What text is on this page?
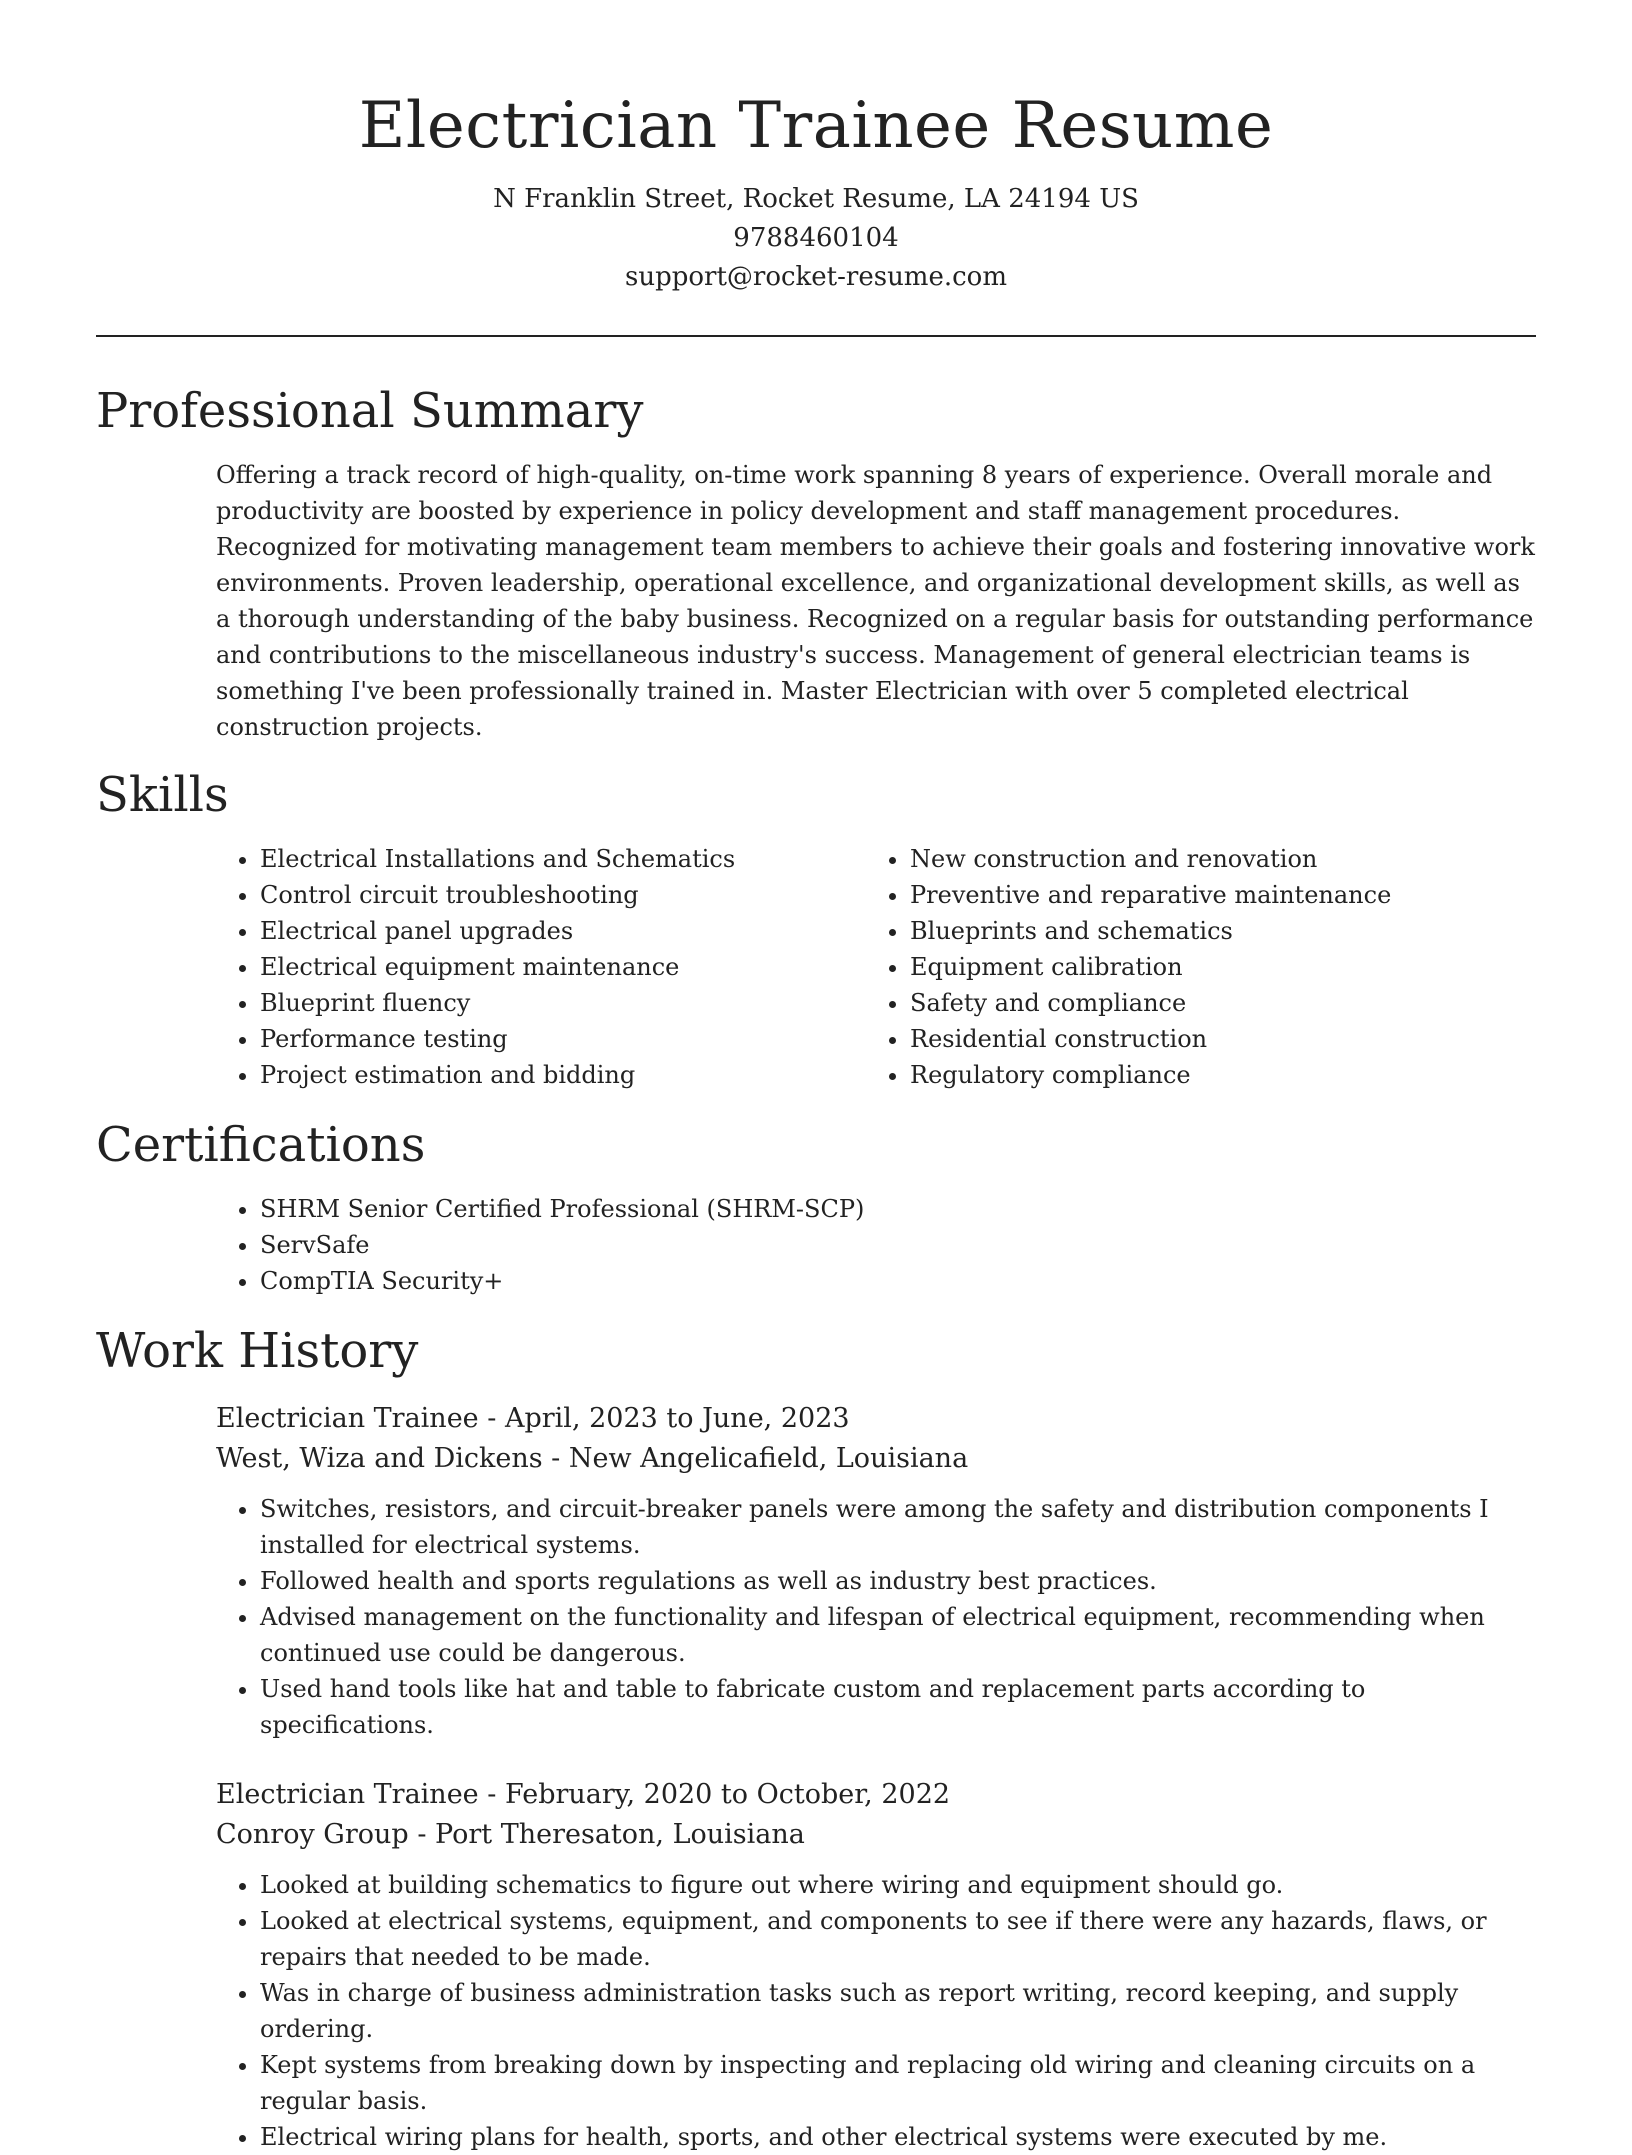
Electrician Trainee Resume
N Franklin Street, Rocket Resume, LA 24194 US
9788460104
support@rocket-resume.com
Professional Summary

Offering a track record of high-quality, on-time work spanning 8 years of experience. Overall morale and productivity are boosted by experience in policy development and staff management procedures. Recognized for motivating management team members to achieve their goals and fostering innovative work environments. Proven leadership, operational excellence, and organizational development skills, as well as a thorough understanding of the baby business. Recognized on a regular basis for outstanding performance and contributions to the miscellaneous industry's success. Management of general electrician teams is something I've been professionally trained in. Master Electrician with over 5 completed electrical construction projects.

Skills
• Electrical Installations and Schematics
• Control circuit troubleshooting
• Electrical panel upgrades
• Electrical equipment maintenance
• Blueprint fluency
• Performance testing
• Project estimation and bidding
• New construction and renovation
• Preventive and reparative maintenance
• Blueprints and schematics
• Equipment calibration
• Safety and compliance
• Residential construction
• Regulatory compliance
Certifications
• SHRM Senior Certified Professional (SHRM-SCP)
• ServSafe
• CompTIA Security+
Work History
Electrician Trainee - April, 2023 to June, 2023
West, Wiza and Dickens - New Angelicafield, Louisiana
• Switches, resistors, and circuit-breaker panels were among the safety and distribution components I installed for electrical systems.
• Followed health and sports regulations as well as industry best practices.
• Advised management on the functionality and lifespan of electrical equipment, recommending when continued use could be dangerous.
• Used hand tools like hat and table to fabricate custom and replacement parts according to specifications.
Electrician Trainee - February, 2020 to October, 2022
Conroy Group - Port Theresaton, Louisiana
• Looked at building schematics to figure out where wiring and equipment should go.
• Looked at electrical systems, equipment, and components to see if there were any hazards, flaws, or repairs that needed to be made.
• Was in charge of business administration tasks such as report writing, record keeping, and supply ordering.
• Kept systems from breaking down by inspecting and replacing old wiring and cleaning circuits on a regular basis.
• Electrical wiring plans for health, sports, and other electrical systems were executed by me.
